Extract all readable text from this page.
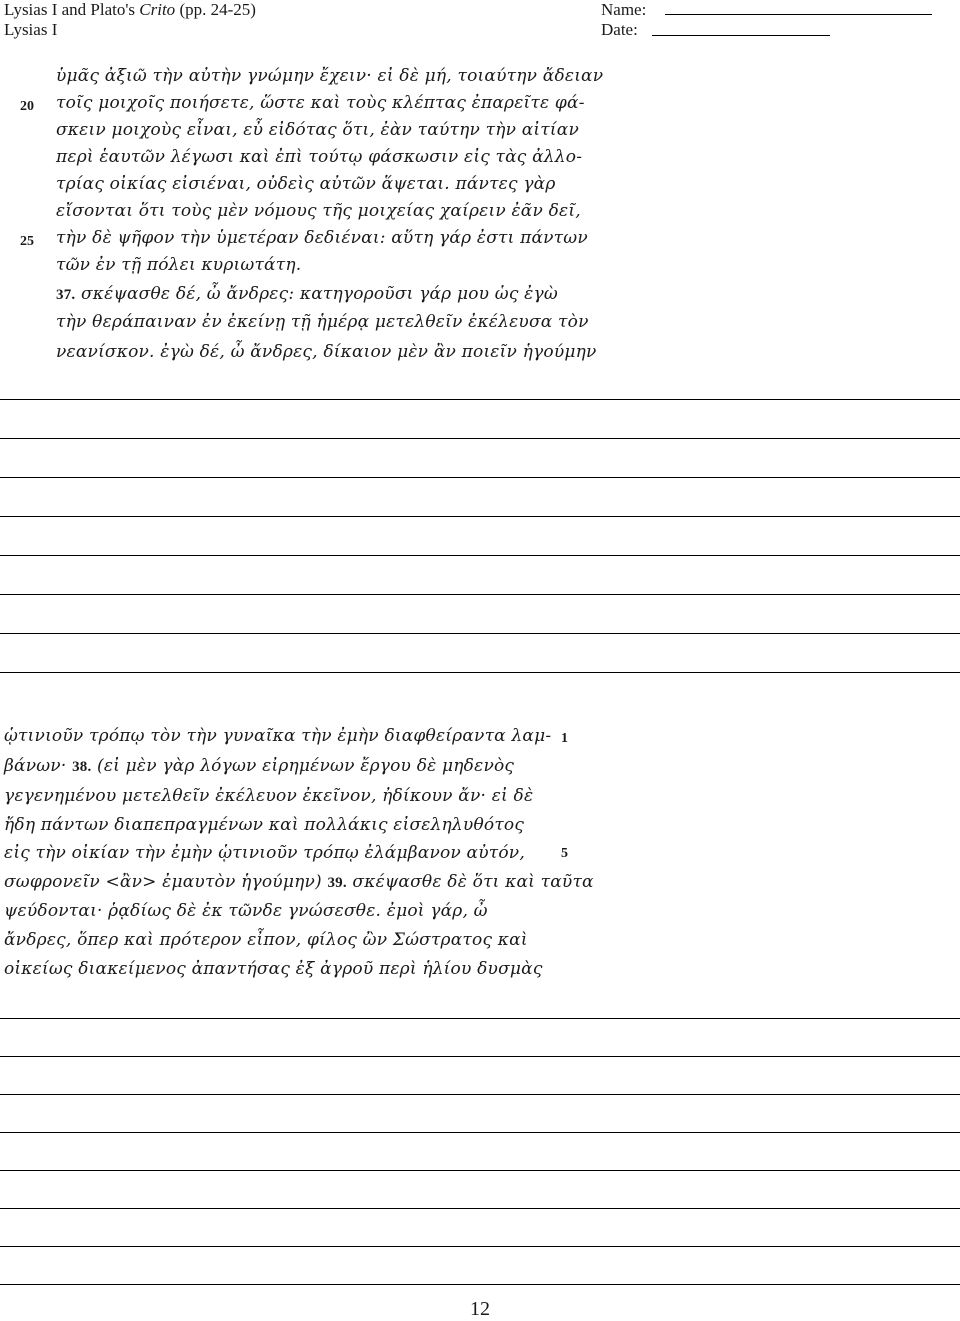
Lysias I and Plato's Crito (pp. 24-25)
Lysias I
Name:
Date:
20
25
ὑμᾶς ἀξιῶ τὴν αὐτὴν γνώμην ἔχειν· εἰ δὲ μή, τοιαύτην ἄδειαν
τοῖς μοιχοῖς ποιήσετε, ὥστε καὶ τοὺς κλέπτας ἐπαρεῖτε φά-
σκειν μοιχοὺς εἶναι, εὖ εἰδότας ὅτι, ἐὰν ταύτην τὴν αἰτίαν
περὶ ἑαυτῶν λέγωσι καὶ ἐπὶ τούτῳ φάσκωσιν εἰς τὰς ἀλλο-
τρίας οἰκίας εἰσιέναι, οὐδεὶς αὐτῶν ἅψεται. πάντες γὰρ
εἴσονται ὅτι τοὺς μὲν νόμους τῆς μοιχείας χαίρειν ἐᾶν δεῖ,
τὴν δὲ ψῆφον τὴν ὑμετέραν δεδιέναι: αὕτη γάρ ἐστι πάντων
τῶν ἐν τῇ πόλει κυριωτάτη.
37. σκέψασθε δέ, ὦ ἄνδρες: κατηγοροῦσι γάρ μου ὡς ἐγὼ
τὴν θεράπαιναν ἐν ἐκείνῃ τῇ ἡμέρᾳ μετελθεῖν ἐκέλευσα τὸν
νεανίσκον. ἐγὼ δέ, ὦ ἄνδρες, δίκαιον μὲν ἂν ποιεῖν ἡγούμην
1
5
ᾡτινιοῦν τρόπῳ τὸν τὴν γυναῖκα τὴν ἐμὴν διαφθείραντα λαμ-
βάνων· 38. (εἰ μὲν γὰρ λόγων εἰρημένων ἔργου δὲ μηδενὸς
γεγενημένου μετελθεῖν ἐκέλευον ἐκεῖνον, ἠδίκουν ἄν· εἰ δὲ
ἤδη πάντων διαπεπραγμένων καὶ πολλάκις εἰσεληλυθότος
εἰς τὴν οἰκίαν τὴν ἐμὴν ᾡτινιοῦν τρόπῳ ἐλάμβανον αὐτόν,
σωφρονεῖν <ἂν> ἐμαυτὸν ἡγούμην) 39. σκέψασθε δὲ ὅτι καὶ ταῦτα
ψεύδονται· ῥᾳδίως δὲ ἐκ τῶνδε γνώσεσθε. ἐμοὶ γάρ, ὦ
ἄνδρες, ὅπερ καὶ πρότερον εἶπον, φίλος ὢν Σώστρατος καὶ
οἰκείως διακείμενος ἀπαντήσας ἐξ ἀγροῦ περὶ ἡλίου δυσμὰς
12
